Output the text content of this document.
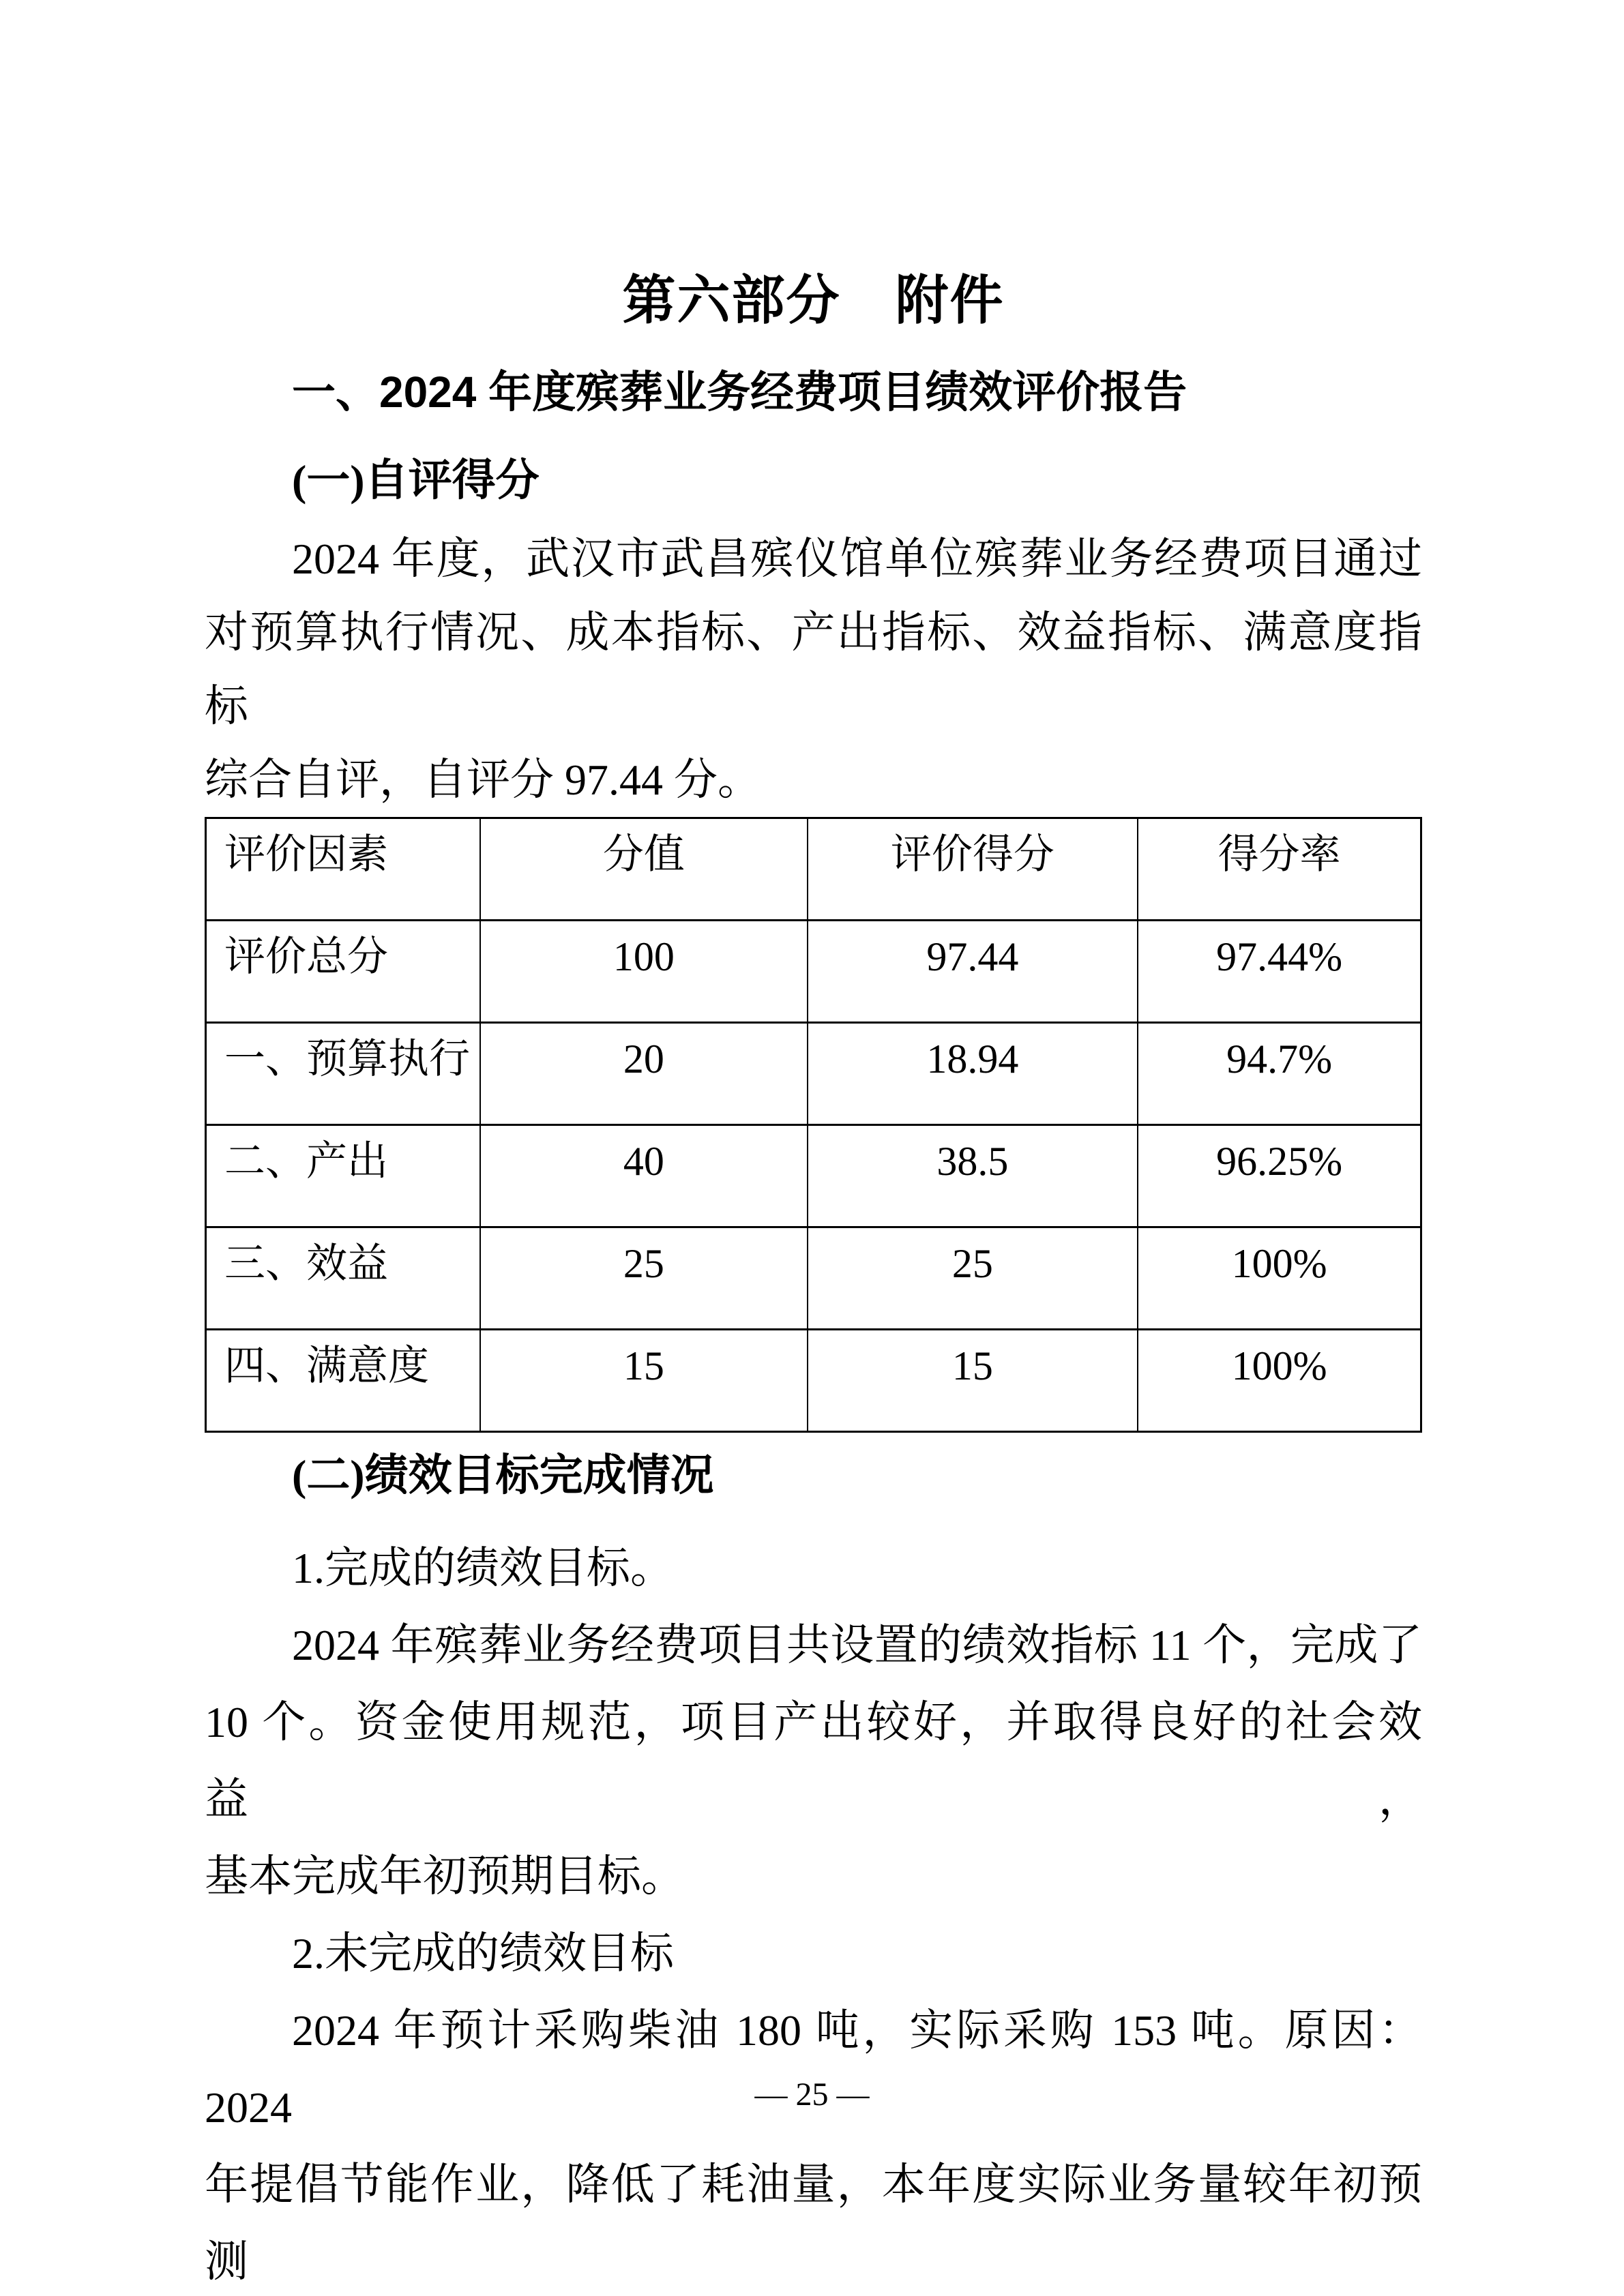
第六部分　附件
一、2024 年度殡葬业务经费项目绩效评价报告
(一)自评得分
2024 年度，武汉市武昌殡仪馆单位殡葬业务经费项目通过
对预算执行情况、成本指标、产出指标、效益指标、满意度指标
综合自评，自评分 97.44 分。
评价因素	分值	评价得分	得分率
评价总分	100	97.44	97.44%
一、预算执行	20	18.94	94.7%
二、产出	40	38.5	96.25%
三、效益	25	25	100%
四、满意度	15	15	100%
(二)绩效目标完成情况
1.完成的绩效目标。
2024 年殡葬业务经费项目共设置的绩效指标 11 个，完成了
10 个。资金使用规范，项目产出较好，并取得良好的社会效益，
基本完成年初预期目标。
2.未完成的绩效目标
2024 年预计采购柴油 180 吨，实际采购 153 吨。原因：2024
年提倡节能作业，降低了耗油量，本年度实际业务量较年初预测
— 25 —
